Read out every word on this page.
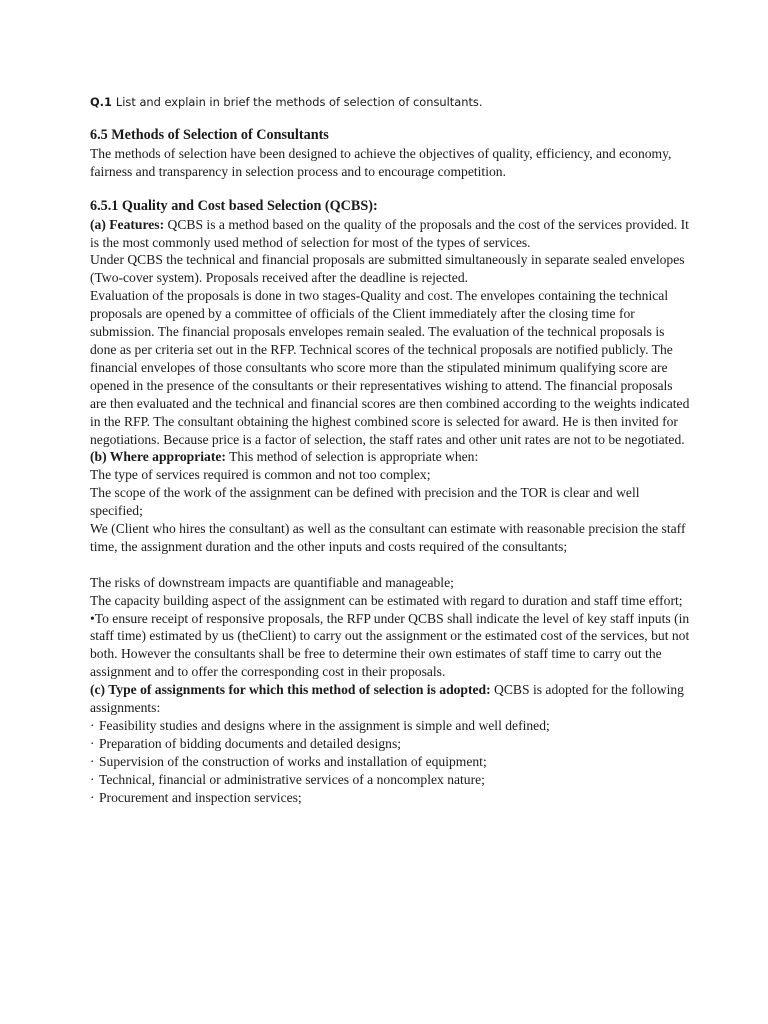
Q.1 List and explain in brief the methods of selection of consultants.

6.5 Methods of Selection of Consultants

The methods of selection have been designed to achieve the objectives of quality, efficiency, and economy, fairness and transparency in selection process and to encourage competition.

6.5.1 Quality and Cost based Selection (QCBS):

(a) Features: QCBS is a method based on the quality of the proposals and the cost of the services provided. It is the most commonly used method of selection for most of the types of services.

Under QCBS the technical and financial proposals are submitted simultaneously in separate sealed envelopes (Two-cover system). Proposals received after the deadline is rejected.

Evaluation of the proposals is done in two stages-Quality and cost. The envelopes containing the technical proposals are opened by a committee of officials of the Client immediately after the closing time for submission. The financial proposals envelopes remain sealed. The evaluation of the technical proposals is done as per criteria set out in the RFP. Technical scores of the technical proposals are notified publicly. The financial envelopes of those consultants who score more than the stipulated minimum qualifying score are opened in the presence of the consultants or their representatives wishing to attend. The financial proposals are then evaluated and the technical and financial scores are then combined according to the weights indicated in the RFP. The consultant obtaining the highest combined score is selected for award. He is then invited for negotiations. Because price is a factor of selection, the staff rates and other unit rates are not to be negotiated.

(b) Where appropriate: This method of selection is appropriate when:

The type of services required is common and not too complex;

The scope of the work of the assignment can be defined with precision and the TOR is clear and well specified;

We (Client who hires the consultant) as well as the consultant can estimate with reasonable precision the staff time, the assignment duration and the other inputs and costs required of the consultants;

The risks of downstream impacts are quantifiable and manageable;

The capacity building aspect of the assignment can be estimated with regard to duration and staff time effort;

•To ensure receipt of responsive proposals, the RFP under QCBS shall indicate the level of key staff inputs (in staff time) estimated by us (theClient) to carry out the assignment or the estimated cost of the services, but not both. However the consultants shall be free to determine their own estimates of staff time to carry out the assignment and to offer the corresponding cost in their proposals.

(c) Type of assignments for which this method of selection is adopted: QCBS is adopted for the following assignments:

· Feasibility studies and designs where in the assignment is simple and well defined;
· Preparation of bidding documents and detailed designs;
· Supervision of the construction of works and installation of equipment;
· Technical, financial or administrative services of a noncomplex nature;
· Procurement and inspection services;
